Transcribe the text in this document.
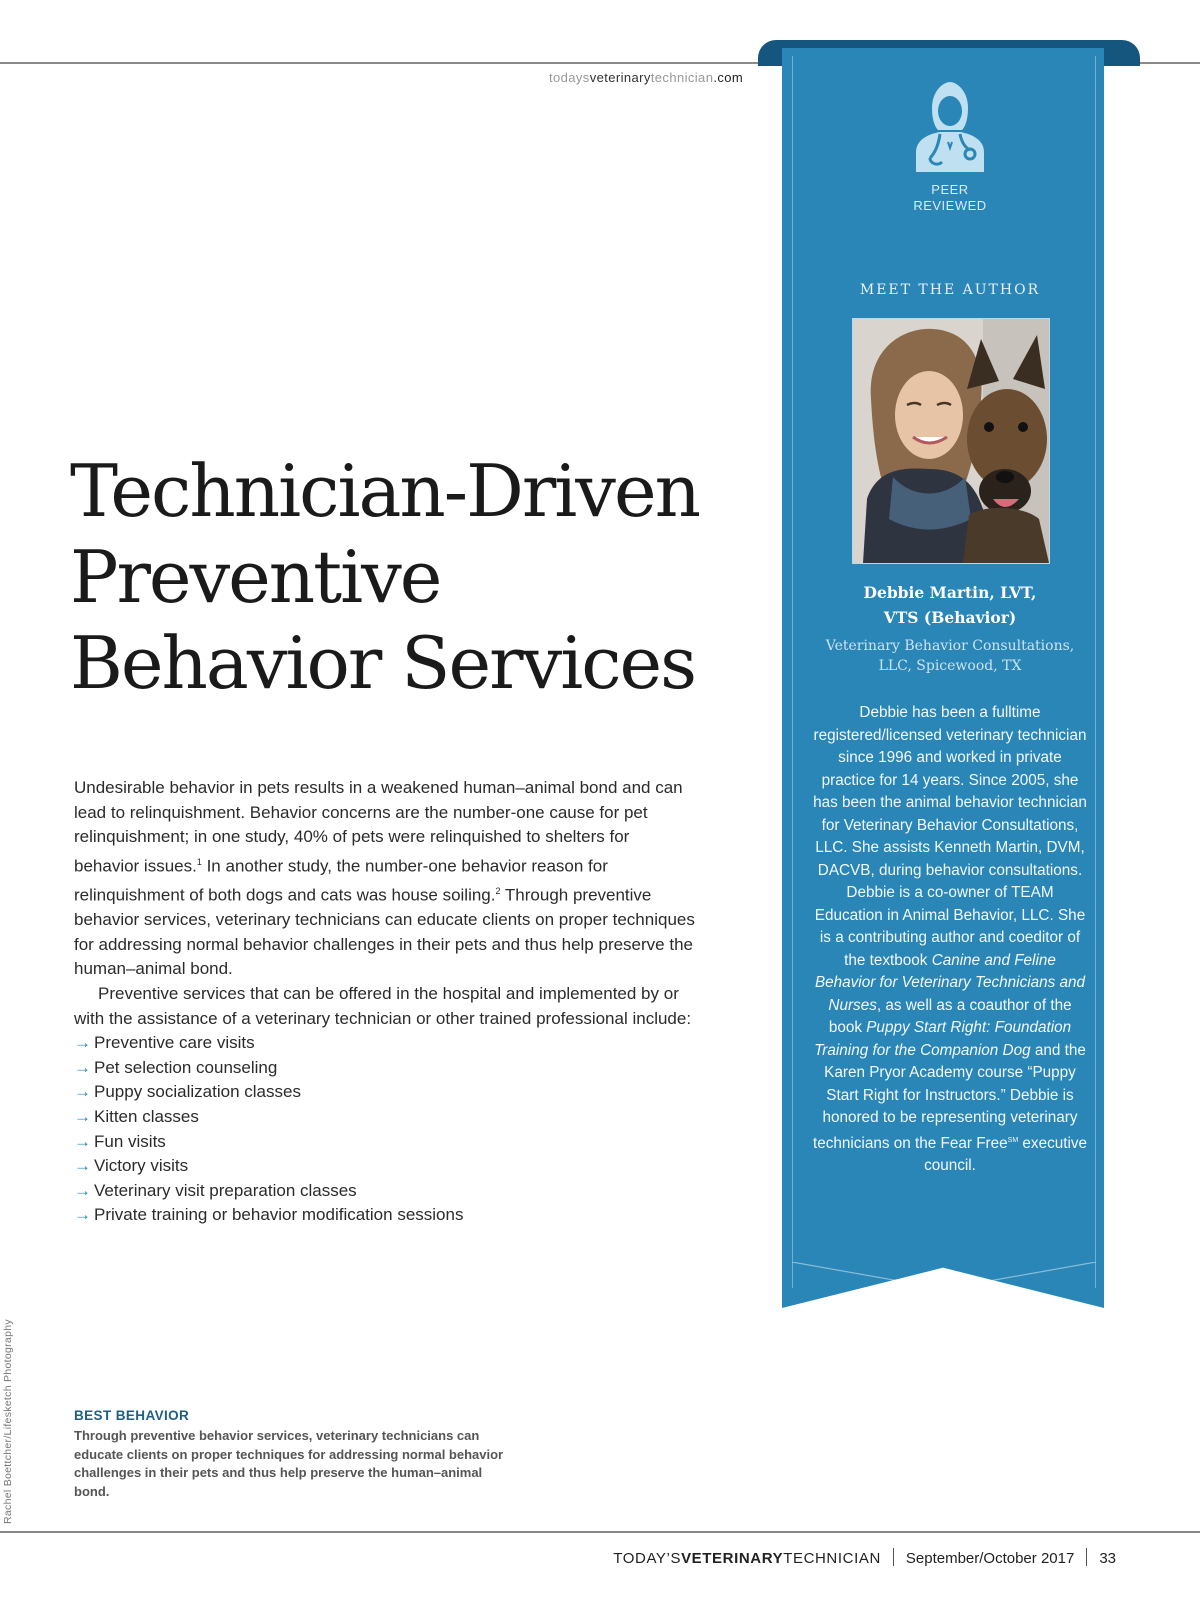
todaysveterinarytechnician.com
PEER
REVIEWED
MEET THE AUTHOR
Debbie Martin, LVT,
VTS (Behavior)
Veterinary Behavior Consultations,
LLC, Spicewood, TX
Debbie has been a fulltime registered/licensed veterinary technician since 1996 and worked in private practice for 14 years. Since 2005, she has been the animal behavior technician for Veterinary Behavior Consultations, LLC. She assists Kenneth Martin, DVM, DACVB, during behavior consultations. Debbie is a co-owner of TEAM Education in Animal Behavior, LLC. She is a contributing author and coeditor of the textbook Canine and Feline Behavior for Veterinary Technicians and Nurses, as well as a coauthor of the book Puppy Start Right: Foundation Training for the Companion Dog and the Karen Pryor Academy course “Puppy Start Right for Instructors.” Debbie is honored to be representing veterinary technicians on the Fear Free℠ executive council.
Technician-Driven
Preventive
Behavior Services

Undesirable behavior in pets results in a weakened human–animal bond and can lead to relinquishment. Behavior concerns are the number-one cause for pet relinquishment; in one study, 40% of pets were relinquished to shelters for behavior issues.$^1$ In another study, the number-one behavior reason for relinquishment of both dogs and cats was house soiling.$^2$ Through preventive behavior services, veterinary technicians can educate clients on proper techniques for addressing normal behavior challenges in their pets and thus help preserve the human–animal bond.

Preventive services that can be offered in the hospital and implemented by or with the assistance of a veterinary technician or other trained professional include:

→ Preventive care visits
→ Pet selection counseling
→ Puppy socialization classes
→ Kitten classes
→ Fun visits
→ Victory visits
→ Veterinary visit preparation classes
→ Private training or behavior modification sessions
Rachel Boettcher/Lifesketch Photography	BEST BEHAVIOR
Through preventive behavior services, veterinary technicians can educate clients on proper techniques for addressing normal behavior challenges in their pets and thus help preserve the human–animal bond.
TODAY’SVETERINARYTECHNICIAN September/October 2017 33
